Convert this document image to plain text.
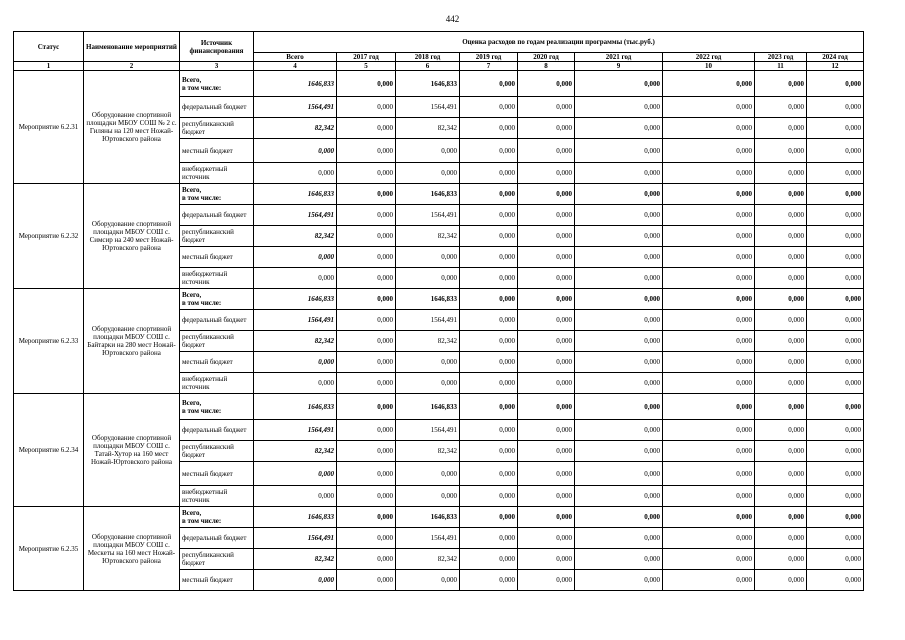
442
Статус	Наименование мероприятий	Источник финансирования	Оценка расходов по годам реализации программы (тыс.руб.)								
			Всего	2017 год	2018 год	2019 год	2020 год	2021 год	2022 год	2023 год	2024 год
1	2	3	4	5	6	7	8	9	10	11	12
Мероприятие 6.2.31	Оборудование спортивной площадки МБОУ СОШ № 2 с. Гиляны на 120 мест Ножай-Юртовского района	Всего,
в том числе:	1646,833	0,000	1646,833	0,000	0,000	0,000	0,000	0,000	0,000
		федеральный бюджет	1564,491	0,000	1564,491	0,000	0,000	0,000	0,000	0,000	0,000
		республиканский бюджет	82,342	0,000	82,342	0,000	0,000	0,000	0,000	0,000	0,000
		местный бюджет	0,000	0,000	0,000	0,000	0,000	0,000	0,000	0,000	0,000
		внебюджетный источник	0,000	0,000	0,000	0,000	0,000	0,000	0,000	0,000	0,000
Мероприятие 6.2.32	Оборудование спортивной площадки МБОУ СОШ с. Симсир на 240 мест Ножай-Юртовского района	Всего,
в том числе:	1646,833	0,000	1646,833	0,000	0,000	0,000	0,000	0,000	0,000
		федеральный бюджет	1564,491	0,000	1564,491	0,000	0,000	0,000	0,000	0,000	0,000
		республиканский бюджет	82,342	0,000	82,342	0,000	0,000	0,000	0,000	0,000	0,000
		местный бюджет	0,000	0,000	0,000	0,000	0,000	0,000	0,000	0,000	0,000
		внебюджетный источник	0,000	0,000	0,000	0,000	0,000	0,000	0,000	0,000	0,000
Мероприятие 6.2.33	Оборудование спортивной площадки МБОУ СОШ с. Байтарки на 280 мест Ножай-Юртовского района	Всего,
в том числе:	1646,833	0,000	1646,833	0,000	0,000	0,000	0,000	0,000	0,000
		федеральный бюджет	1564,491	0,000	1564,491	0,000	0,000	0,000	0,000	0,000	0,000
		республиканский бюджет	82,342	0,000	82,342	0,000	0,000	0,000	0,000	0,000	0,000
		местный бюджет	0,000	0,000	0,000	0,000	0,000	0,000	0,000	0,000	0,000
		внебюджетный источник	0,000	0,000	0,000	0,000	0,000	0,000	0,000	0,000	0,000
Мероприятие 6.2.34	Оборудование спортивной площадки МБОУ СОШ с. Татай-Хутор на 160 мест Ножай-Юртовского района	Всего,
в том числе:	1646,833	0,000	1646,833	0,000	0,000	0,000	0,000	0,000	0,000
		федеральный бюджет	1564,491	0,000	1564,491	0,000	0,000	0,000	0,000	0,000	0,000
		республиканский бюджет	82,342	0,000	82,342	0,000	0,000	0,000	0,000	0,000	0,000
		местный бюджет	0,000	0,000	0,000	0,000	0,000	0,000	0,000	0,000	0,000
		внебюджетный источник	0,000	0,000	0,000	0,000	0,000	0,000	0,000	0,000	0,000
Мероприятие 6.2.35	Оборудование спортивной площадки МБОУ СОШ с. Мескеты на 160 мест Ножай-Юртовского района	Всего,
в том числе:	1646,833	0,000	1646,833	0,000	0,000	0,000	0,000	0,000	0,000
		федеральный бюджет	1564,491	0,000	1564,491	0,000	0,000	0,000	0,000	0,000	0,000
		республиканский бюджет	82,342	0,000	82,342	0,000	0,000	0,000	0,000	0,000	0,000
		местный бюджет	0,000	0,000	0,000	0,000	0,000	0,000	0,000	0,000	0,000
